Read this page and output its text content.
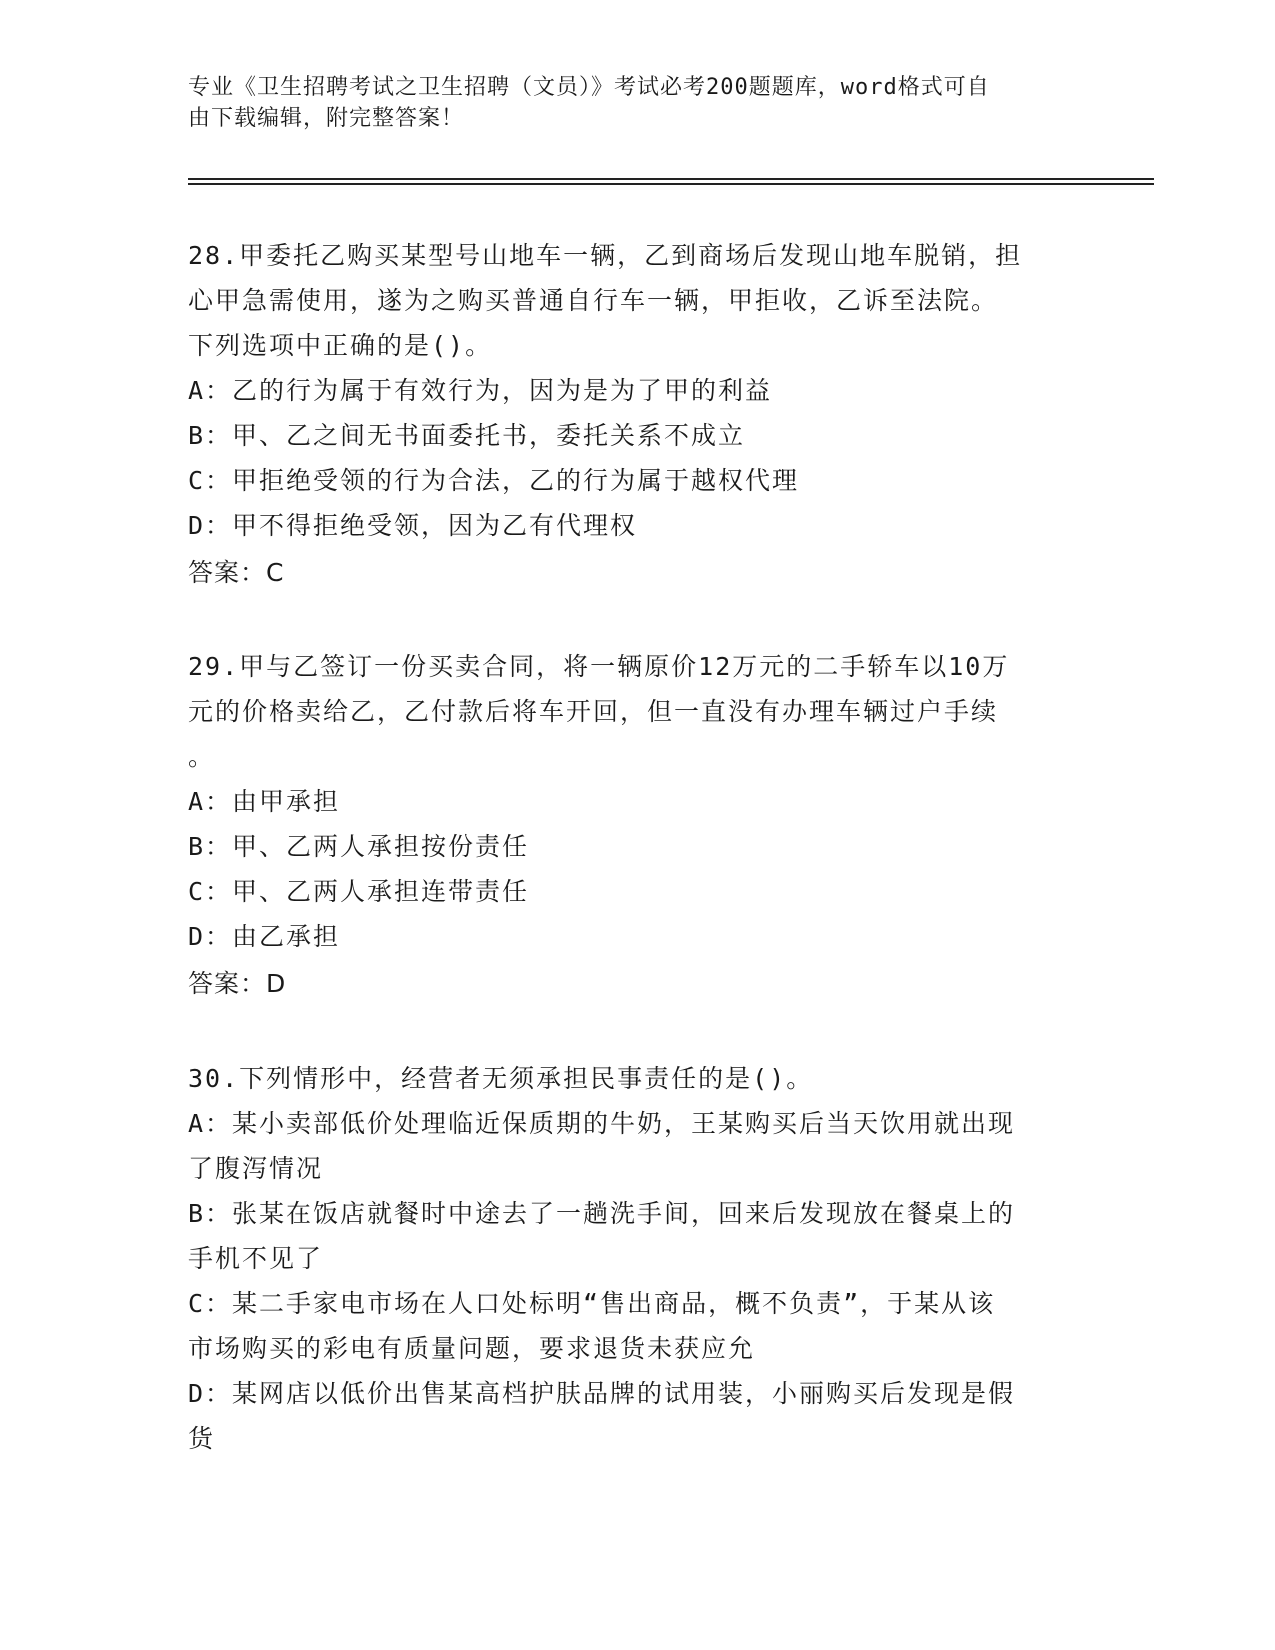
专业《卫生招聘考试之卫生招聘（文员）》考试必考200题题库，word格式可自
由下载编辑，附完整答案！

28.甲委托乙购买某型号山地车一辆，乙到商场后发现山地车脱销，担

心甲急需使用，遂为之购买普通自行车一辆，甲拒收，乙诉至法院。

下列选项中正确的是()。

A：乙的行为属于有效行为，因为是为了甲的利益

B：甲、乙之间无书面委托书，委托关系不成立

C：甲拒绝受领的行为合法，乙的行为属于越权代理

D：甲不得拒绝受领，因为乙有代理权

答案：C

29.甲与乙签订一份买卖合同，将一辆原价12万元的二手轿车以10万

元的价格卖给乙，乙付款后将车开回，但一直没有办理车辆过户手续

。

A：由甲承担

B：甲、乙两人承担按份责任

C：甲、乙两人承担连带责任

D：由乙承担

答案：D

30.下列情形中，经营者无须承担民事责任的是()。

A：某小卖部低价处理临近保质期的牛奶，王某购买后当天饮用就出现

了腹泻情况

B：张某在饭店就餐时中途去了一趟洗手间，回来后发现放在餐桌上的

手机不见了

C：某二手家电市场在人口处标明“售出商品，概不负责”，于某从该

市场购买的彩电有质量问题，要求退货未获应允

D：某网店以低价出售某高档护肤品牌的试用装，小丽购买后发现是假

货
